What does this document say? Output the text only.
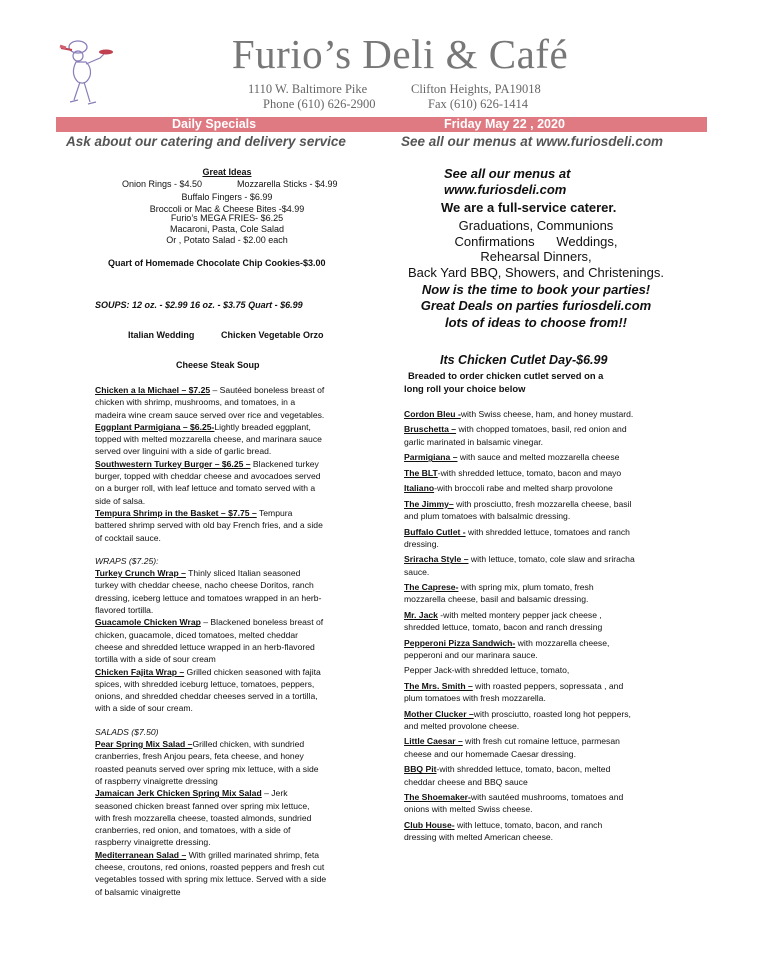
Furio’s Deli & Café
1110 W. Baltimore Pike	Clifton Heights, PA19018
Phone (610) 626-2900	Fax (610) 626-1414
Daily Specials	Friday May 22 , 2020
Ask about our catering and delivery service	See all our menus at www.furiosdeli.com
Great Ideas
Onion Rings - $4.50	Mozzarella Sticks - $4.99
Buffalo Fingers - $6.99
Broccoli or Mac & Cheese Bites -$4.99
Furio’s MEGA FRIES- $6.25
Macaroni, Pasta, Cole Salad
Or , Potato Salad - $2.00 each
Quart of Homemade Chocolate Chip Cookies-$3.00
SOUPS: 12 oz. - $2.99 16 oz. - $3.75 Quart - $6.99
Italian Wedding	Chicken Vegetable Orzo
Cheese Steak Soup
Chicken a la Michael – $7.25 – Sautéed boneless breast of
chicken with shrimp, mushrooms, and tomatoes, in a
madeira wine cream sauce served over rice and vegetables.
Eggplant Parmigiana – $6.25-Lightly breaded eggplant,
topped with melted mozzarella cheese, and marinara sauce
served over linguini with a side of garlic bread.
Southwestern Turkey Burger – $6.25 – Blackened turkey
burger, topped with cheddar cheese and avocadoes served
on a burger roll, with leaf lettuce and tomato served with a
side of salsa.
Tempura Shrimp in the Basket – $7.75 – Tempura
battered shrimp served with old bay French fries, and a side
of cocktail sauce.
WRAPS ($7.25):
Turkey Crunch Wrap – Thinly sliced Italian seasoned
turkey with cheddar cheese, nacho cheese Doritos, ranch
dressing, iceberg lettuce and tomatoes wrapped in an herb-
flavored tortilla.
Guacamole Chicken Wrap – Blackened boneless breast of
chicken, guacamole, diced tomatoes, melted cheddar
cheese and shredded lettuce wrapped in an herb-flavored
tortilla with a side of sour cream
Chicken Fajita Wrap – Grilled chicken seasoned with fajita
spices, with shredded iceburg lettuce, tomatoes, peppers,
onions, and shredded cheddar cheeses served in a tortilla,
with a side of sour cream.
SALADS ($7.50)
Pear Spring Mix Salad –Grilled chicken, with sundried
cranberries, fresh Anjou pears, feta cheese, and honey
roasted peanuts served over spring mix lettuce, with a side
of raspberry vinaigrette dressing
Jamaican Jerk Chicken Spring Mix Salad – Jerk
seasoned chicken breast fanned over spring mix lettuce,
with fresh mozzarella cheese, toasted almonds, sundried
cranberries, red onion, and tomatoes, with a side of
raspberry vinaigrette dressing.
Mediterranean Salad – With grilled marinated shrimp, feta
cheese, croutons, red onions, roasted peppers and fresh cut
vegetables tossed with spring mix lettuce. Served with a side
of balsamic vinaigrette
See all our menus at
www.furiosdeli.com
We are a full-service caterer.
Graduations, Communions
Confirmations      Weddings,
Rehearsal Dinners,
Back Yard BBQ, Showers, and Christenings.
Now is the time to book your parties!
Great Deals on parties furiosdeli.com
lots of ideas to choose from!!
Its Chicken Cutlet Day-$6.99
Breaded to order chicken cutlet served on a
long roll your choice below
Cordon Bleu -with Swiss cheese, ham, and honey mustard.
Bruschetta – with chopped tomatoes, basil, red onion and
garlic marinated in balsamic vinegar.
Parmigiana – with sauce and melted mozzarella cheese
The BLT-with shredded lettuce, tomato, bacon and mayo
Italiano-with broccoli rabe and melted sharp provolone
The Jimmy– with prosciutto, fresh mozzarella cheese, basil
and plum tomatoes with balsalmic dressing.
Buffalo Cutlet - with shredded lettuce, tomatoes and ranch
dressing.
Sriracha Style – with lettuce, tomato, cole slaw and sriracha
sauce.
The Caprese- with spring mix, plum tomato, fresh
mozzarella cheese, basil and balsamic dressing.
Mr. Jack -with melted montery pepper jack cheese ,
shredded lettuce, tomato, bacon and ranch dressing
Pepperoni Pizza Sandwich- with mozzarella cheese,
pepperoni and our marinara sauce.
Pepper Jack-with shredded lettuce, tomato,
The Mrs. Smith – with roasted peppers, sopressata , and
plum tomatoes with fresh mozzarella.
Mother Clucker –with prosciutto, roasted long hot peppers,
and melted provolone cheese.
Little Caesar – with fresh cut romaine lettuce, parmesan
cheese and our homemade Caesar dressing.
BBQ Pit-with shredded lettuce, tomato, bacon, melted
cheddar cheese and BBQ sauce
The Shoemaker-with sautéed mushrooms, tomatoes and
onions with melted Swiss cheese.
Club House- with lettuce, tomato, bacon, and ranch
dressing with melted American cheese.
